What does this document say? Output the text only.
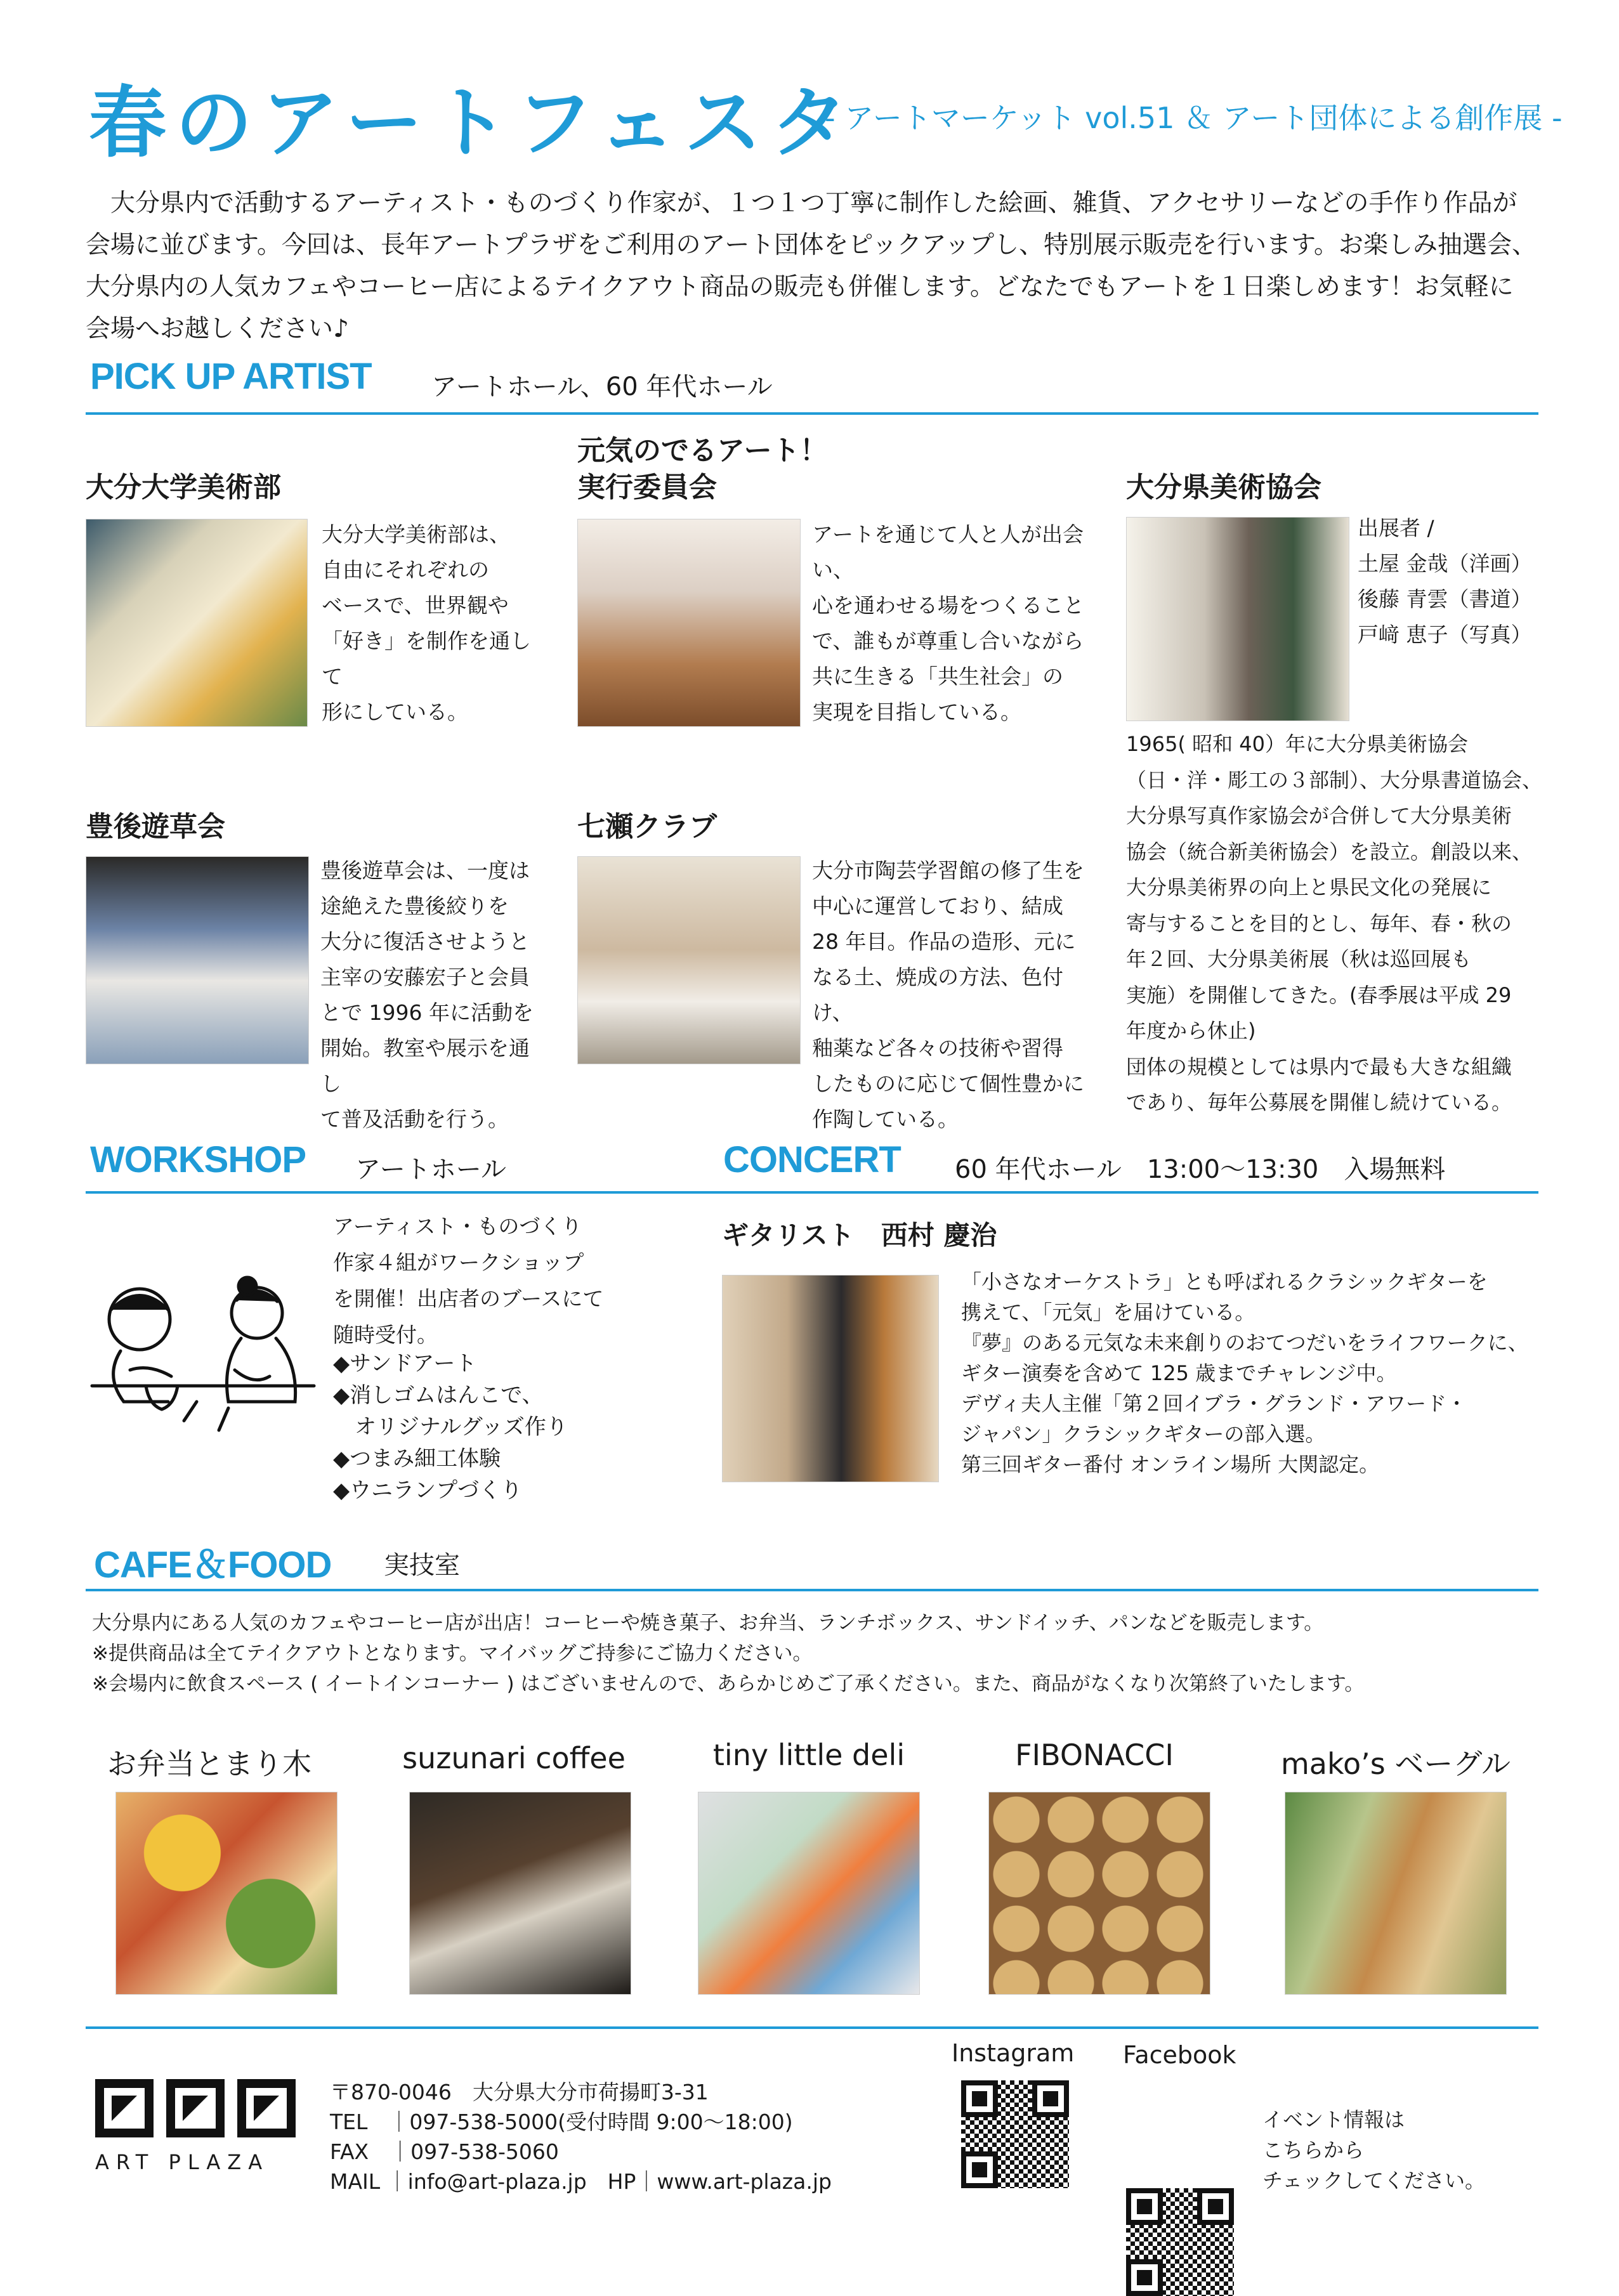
春のアートフェスタ
- アートマーケット vol.51 ＆ アート団体による創作展 -

　大分県内で活動するアーティスト・ものづくり作家が、１つ１つ丁寧に制作した絵画、雑貨、アクセサリーなどの手作り作品が

会場に並びます。今回は、長年アートプラザをご利用のアート団体をピックアップし、特別展示販売を行います。お楽しみ抽選会、

大分県内の人気カフェやコーヒー店によるテイクアウト商品の販売も併催します。どなたでもアートを１日楽しめます！お気軽に

会場へお越しください♪

PICK UP ARTIST アートホール、60 年代ホール
大分大学美術部
大分大学美術部は、
自由にそれぞれの
ベースで、世界観や
「好き」を制作を通して
形にしている。
元気のでるアート！
実行委員会
アートを通じて人と人が出会い、
心を通わせる場をつくること
で、誰もが尊重し合いながら
共に生きる「共生社会」の
実現を目指している。
大分県美術協会
出展者 /
土屋 金哉（洋画）
後藤 青雲（書道）
戸﨑 恵子（写真）
1965( 昭和 40）年に大分県美術協会
（日・洋・彫工の３部制）、大分県書道協会、
大分県写真作家協会が合併して大分県美術
協会（統合新美術協会）を設立。創設以来、
大分県美術界の向上と県民文化の発展に
寄与することを目的とし、毎年、春・秋の
年２回、大分県美術展（秋は巡回展も
実施）を開催してきた。(春季展は平成 29
年度から休止)
団体の規模としては県内で最も大きな組織
であり、毎年公募展を開催し続けている。
豊後遊草会
豊後遊草会は、一度は
途絶えた豊後絞りを
大分に復活させようと
主宰の安藤宏子と会員
とで 1996 年に活動を
開始。教室や展示を通し
て普及活動を行う。
七瀬クラブ
大分市陶芸学習館の修了生を
中心に運営しており、結成
28 年目。作品の造形、元に
なる土、焼成の方法、色付け、
釉薬など各々の技術や習得
したものに応じて個性豊かに
作陶している。
WORKSHOP アートホール
アーティスト・ものづくり
作家４組がワークショップ
を開催！出店者のブースにて
随時受付。
◆サンドアート
◆消しゴムはんこで、
　オリジナルグッズ作り
◆つまみ細工体験
◆ウニランプづくり
CONCERT 60 年代ホール　13:00〜13:30　入場無料
ギタリスト　西村 慶治
「小さなオーケストラ」とも呼ばれるクラシックギターを
携えて、「元気」を届けている。
『夢』のある元気な未来創りのおてつだいをライフワークに、
ギター演奏を含めて 125 歳までチャレンジ中。
デヴィ夫人主催「第２回イブラ・グランド・アワード・
ジャパン」クラシックギターの部入選。
第三回ギター番付 オンライン場所 大関認定。
CAFE＆FOOD 実技室
大分県内にある人気のカフェやコーヒー店が出店！コーヒーや焼き菓子、お弁当、ランチボックス、サンドイッチ、パンなどを販売します。
※提供商品は全てテイクアウトとなります。マイバッグご持参にご協力ください。
※会場内に飲食スペース ( イートインコーナー ) はございませんので、あらかじめご了承ください。また、商品がなくなり次第終了いたします。
お弁当とまり木	suzunari coffee	tiny little deli	FIBONACCI	mako’s ベーグル
ART PLAZA
〒870-0046　大分県大分市荷揚町3-31
TEL　｜097-538-5000(受付時間 9:00〜18:00)
FAX　｜097-538-5060
MAIL ｜info@art-plaza.jp　HP｜www.art-plaza.jp
Instagram Facebook
イベント情報は
こちらから
チェックしてください。
